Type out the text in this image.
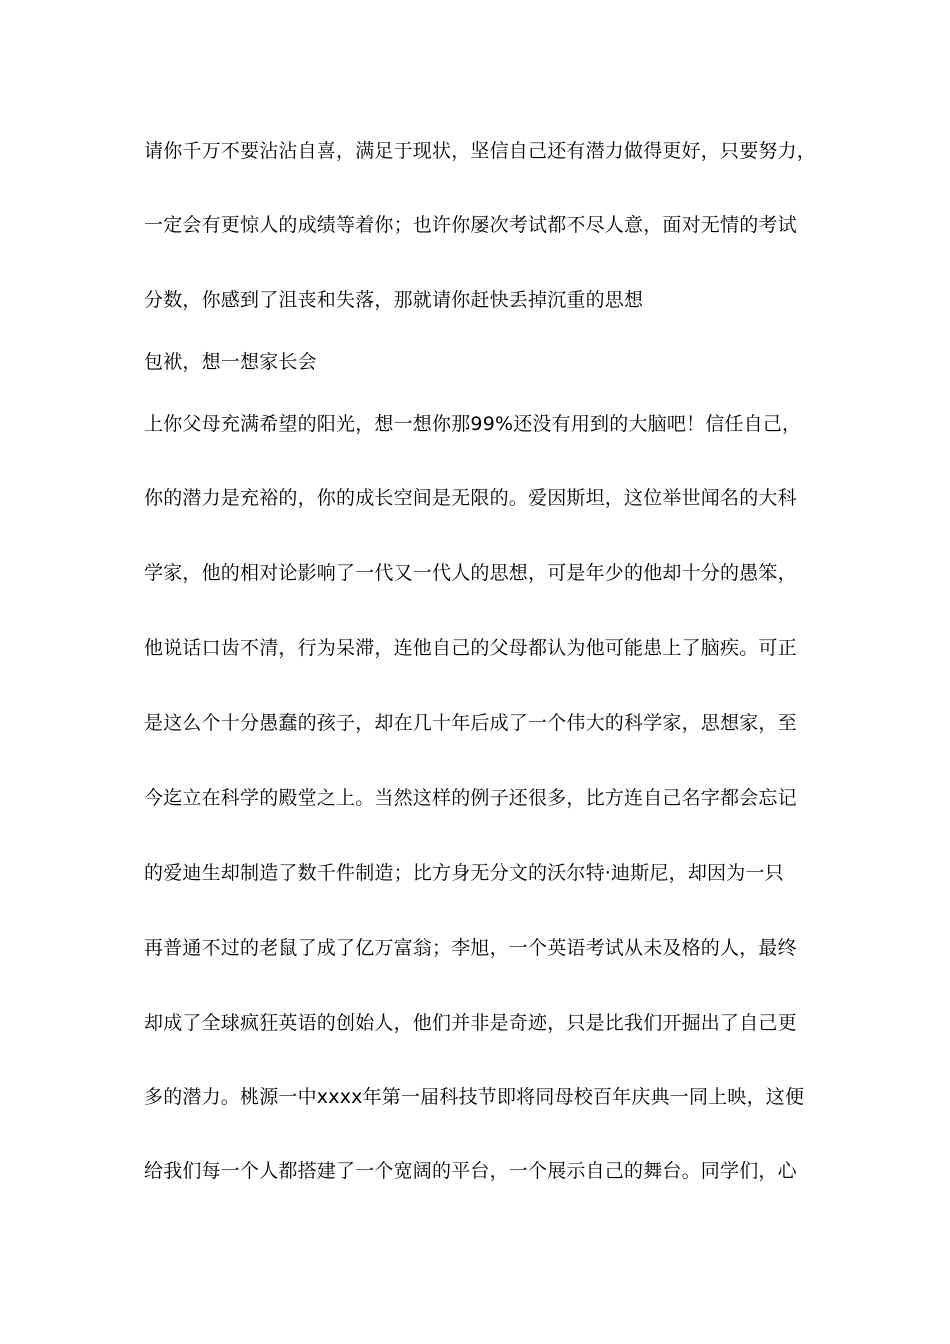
请你千万不要沾沾自喜，满足于现状，坚信自己还有潜力做得更好，只要努力，
一定会有更惊人的成绩等着你；也许你屡次考试都不尽人意，面对无情的考试
分数，你感到了沮丧和失落，那就请你赶快丢掉沉重的思想
包袱，想一想家长会
上你父母充满希望的阳光，想一想你那99%还没有用到的大脑吧！信任自己，
你的潜力是充裕的，你的成长空间是无限的。爱因斯坦，这位举世闻名的大科
学家，他的相对论影响了一代又一代人的思想，可是年少的他却十分的愚笨，
他说话口齿不清，行为呆滞，连他自己的父母都认为他可能患上了脑疾。可正
是这么个十分愚蠢的孩子，却在几十年后成了一个伟大的科学家，思想家，至
今迄立在科学的殿堂之上。当然这样的例子还很多，比方连自己名字都会忘记
的爱迪生却制造了数千件制造；比方身无分文的沃尔特·迪斯尼，却因为一只
再普通不过的老鼠了成了亿万富翁；李旭，一个英语考试从未及格的人，最终
却成了全球疯狂英语的创始人，他们并非是奇迹，只是比我们开掘出了自己更
多的潜力。桃源一中xxxx年第一届科技节即将同母校百年庆典一同上映，这便
给我们每一个人都搭建了一个宽阔的平台，一个展示自己的舞台。同学们，心
